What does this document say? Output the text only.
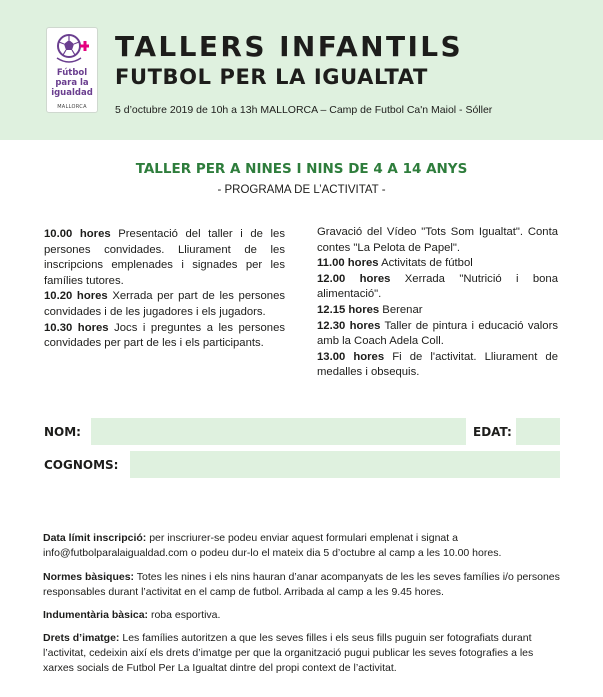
Fútbol
para la
igualdad
MALLORCA
TALLERS INFANTILS
FUTBOL PER LA IGUALTAT
5 d’octubre 2019 de 10h a 13h MALLORCA – Camp de Futbol Ca'n Maiol - Sóller
TALLER PER A NINES I NINS DE 4 A 14 ANYS
- PROGRAMA DE L’ACTIVITAT -

10.00 hores Presentació del taller i de les persones convidades. Lliurament de les inscripcions emplenades i signades per les famílies tutores.

10.20 hores Xerrada per part de les persones convidades i de les jugadores i els jugadors.

10.30 hores Jocs i preguntes a les persones convidades per part de les i els participants.

Gravació del Vídeo "Tots Som Igualtat". Conta contes "La Pelota de Papel".

11.00 hores Activitats de fútbol

12.00 hores Xerrada "Nutrició i bona alimentació".

12.15 hores Berenar

12.30 hores Taller de pintura i educació valors amb la Coach Adela Coll.

13.00 hores Fi de l'activitat. Lliurament de medalles i obsequis.

NOM:	EDAT:
COGNOMS:
Data límit inscripció: per inscriurer-se podeu enviar aquest formulari emplenat i signat a info@futbolparalaigualdad.com o podeu dur-lo el mateix dia 5 d’octubre al camp a les 10.00 hores.
Normes bàsiques: Totes les nines i els nins hauran d’anar acompanyats de les les seves famílies i/o persones responsables durant l’activitat en el camp de futbol. Arribada al camp a les 9.45 hores.
Indumentària bàsica: roba esportiva.
Drets d’imatge: Les famílies autoritzen a que les seves filles i els seus fills puguin ser fotografiats durant l’activitat, cedeixin així els drets d’imatge per que la organització pugui publicar les seves fotografies a les xarxes socials de Futbol Per La Igualtat dintre del propi context de l’activitat.
